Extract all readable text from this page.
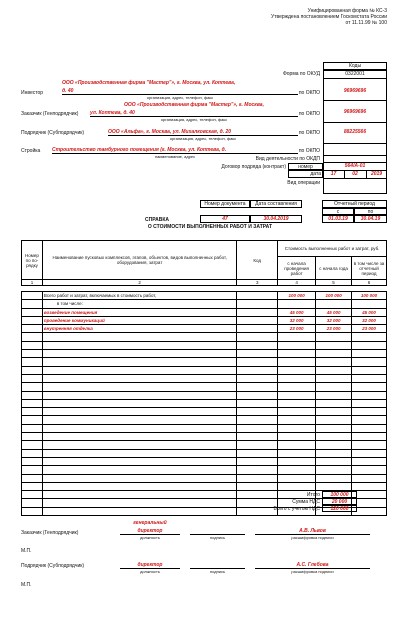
Унифицированная форма № КС-3
Утверждена постановлением Госкомстата России
от 11.11.99 № 100
Коды
0322001
Форма по ОКУД
Инвестор
ООО «Производственная фирма "Мастер"», г. Москва, ул. Коптева,
д. 40
организация, адрес, телефон, факс
по ОКПО	96969696
Заказчик (Генподрядчик)
ООО «Производственная фирма "Мастер"», г. Москва,
ул. Коптева, д. 40
организация, адрес, телефон, факс
по ОКПО	96969696
Подрядчик (Субподрядчик)	ООО «Альфа», г. Москва, ул. Михалковская, д. 20
организация, адрес, телефон, факс
по ОКПО	88225566
Стройка Строительство тамбурного помещения (г. Москва, ул. Коптева, д.
наименование, адрес
по ОКПО
Вид деятельности по ОКДП
Договор подряда (контракт)	номер	564/А-01
дата	17	02	2019
Вид операции
Номер документа	Дата составления	Отчетный период
с	по
СПРАВКА	47	30.04.2019	01.03.19	30.04.19
О СТОИМОСТИ ВЫПОЛНЕННЫХ РАБОТ И ЗАТРАТ
Номер по по-рядку	Наименование пусковых комплексов, этапов, объектов, видов выполненных работ, оборудования, затрат	Код	Стоимость выполненных работ и затрат, руб.		
			с начала проведения работ	с начала года	в том числе за отчетный период
1	2	3	4	5	6
	Всего работ и затрат, включаемых в стоимость работ,		100 000	100 000	100 000
	в том числе:				
	возведение помещения		45 000	45 000	45 000
	проведение коммуникаций		32 000	32 000	32 000
	внутренняя отделка		23 000	23 000	23 000

Итого	100 000
Сумма НДС	20 000
Всего с учетом НДС	120 000
Заказчик (Генподрядчик)
генеральный
директор	А.В. Львов
должность	подпись	расшифровка подписи
М.П.
Подрядчик (Субподрядчик)	директор	А.С. Глебова
должность	подпись	расшифровка подписи
М.П.
